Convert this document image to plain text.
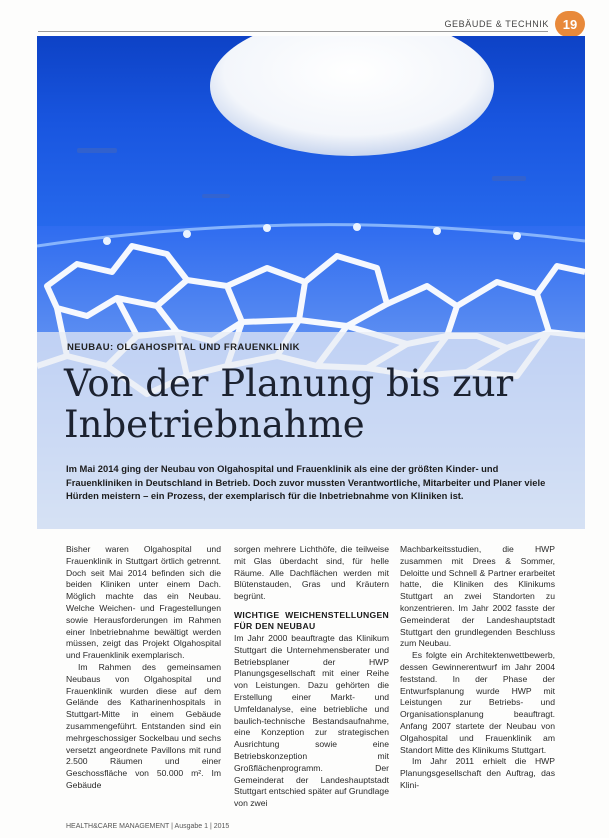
GEBÄUDE & TECHNIK	19
NEUBAU: OLGAHOSPITAL UND FRAUENKLINIK
Von der Planung bis zur
Inbetriebnahme
Im Mai 2014 ging der Neubau von Olgahospital und Frauenklinik als eine der größten Kinder- und Frauenkliniken in Deutschland in Betrieb. Doch zuvor mussten Verantwortliche, Mitarbeiter und Planer viele Hürden meistern – ein Prozess, der exemplarisch für die Inbetriebnahme von Kliniken ist.

Bisher waren Olgahospital und Frauenklinik in Stuttgart örtlich getrennt. Doch seit Mai 2014 befinden sich die beiden Kliniken unter einem Dach. Möglich machte das ein Neubau. Welche Weichen- und Fragestellungen sowie Herausforderungen im Rahmen einer Inbetriebnahme bewältigt werden müssen, zeigt das Projekt Olgahospital und Frauenklinik exemplarisch.

Im Rahmen des gemeinsamen Neubaus von Olgahospital und Frauenklinik wurden diese auf dem Gelände des Katharinenhospitals in Stuttgart-Mitte in einem Gebäude zusammengeführt. Entstanden sind ein mehrgeschossiger Sockelbau und sechs versetzt angeordnete Pavillons mit rund 2.500 Räumen und einer Geschossfläche von 50.000 m². Im Gebäude

sorgen mehrere Lichthöfe, die teilweise mit Glas überdacht sind, für helle Räume. Alle Dachflächen werden mit Blütenstauden, Gras und Kräutern begrünt.

WICHTIGE WEICHENSTELLUNGEN FÜR DEN NEUBAU

Im Jahr 2000 beauftragte das Klinikum Stuttgart die Unternehmensberater und Betriebsplaner der HWP Planungsgesellschaft mit einer Reihe von Leistungen. Dazu gehörten die Erstellung einer Markt- und Umfeldanalyse, eine betriebliche und baulich-technische Bestandsaufnahme, eine Konzeption zur strategischen Ausrichtung sowie eine Betriebskonzeption mit Großflächenprogramm. Der Gemeinderat der Landeshauptstadt Stuttgart entschied später auf Grundlage von zwei

Machbarkeitsstudien, die HWP zusammen mit Drees & Sommer, Deloitte und Schnell & Partner erarbeitet hatte, die Kliniken des Klinikums Stuttgart an zwei Standorten zu konzentrieren. Im Jahr 2002 fasste der Gemeinderat der Landeshauptstadt Stuttgart den grundlegenden Beschluss zum Neubau.

Es folgte ein Architektenwettbewerb, dessen Gewinnerentwurf im Jahr 2004 feststand. In der Phase der Entwurfsplanung wurde HWP mit Leistungen zur Betriebs- und Organisationsplanung beauftragt. Anfang 2007 startete der Neubau von Olgahospital und Frauenklinik am Standort Mitte des Klinikums Stuttgart.

Im Jahr 2011 erhielt die HWP Planungsgesellschaft den Auftrag, das Klini-

HEALTH&CARE MANAGEMENT | Ausgabe 1 | 2015
